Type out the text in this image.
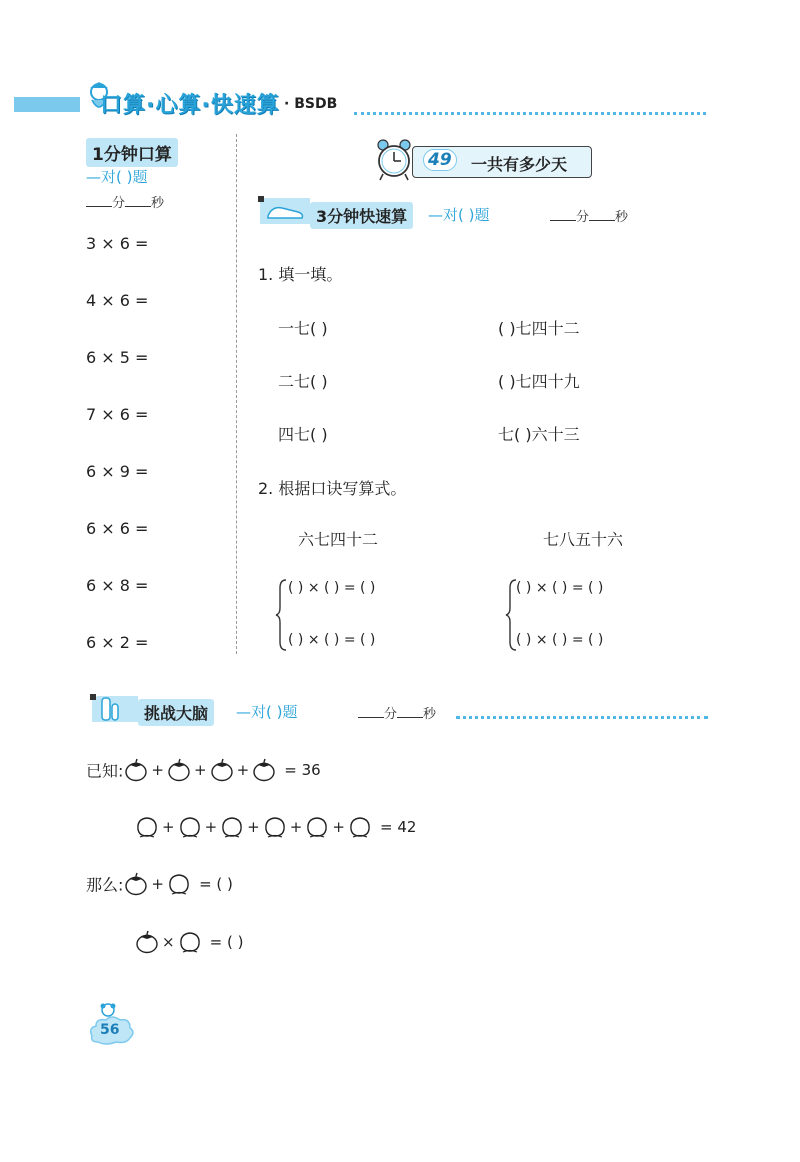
口算·心算·快速算 · BSDB
1分钟口算
—对( )题
分 秒
3 × 6 =
4 × 6 =
6 × 5 =
7 × 6 =
6 × 9 =
6 × 6 =
6 × 8 =
6 × 2 =
49	一共有多少天
3分钟快速算	—对( )题	分 秒
1. 填一填。
一七( )	( )七四十二
二七( )	( )七四十九
四七( )	七( )六十三
2. 根据口诀写算式。
六七四十二	七八五十六
( ) × ( ) = ( )
( ) × ( ) = ( )
( ) × ( ) = ( )
( ) × ( ) = ( )
挑战大脑	—对( )题	分 秒
已知: + + + = 36
+ + + + + = 42
那么: + = ( )
× = ( )
56
